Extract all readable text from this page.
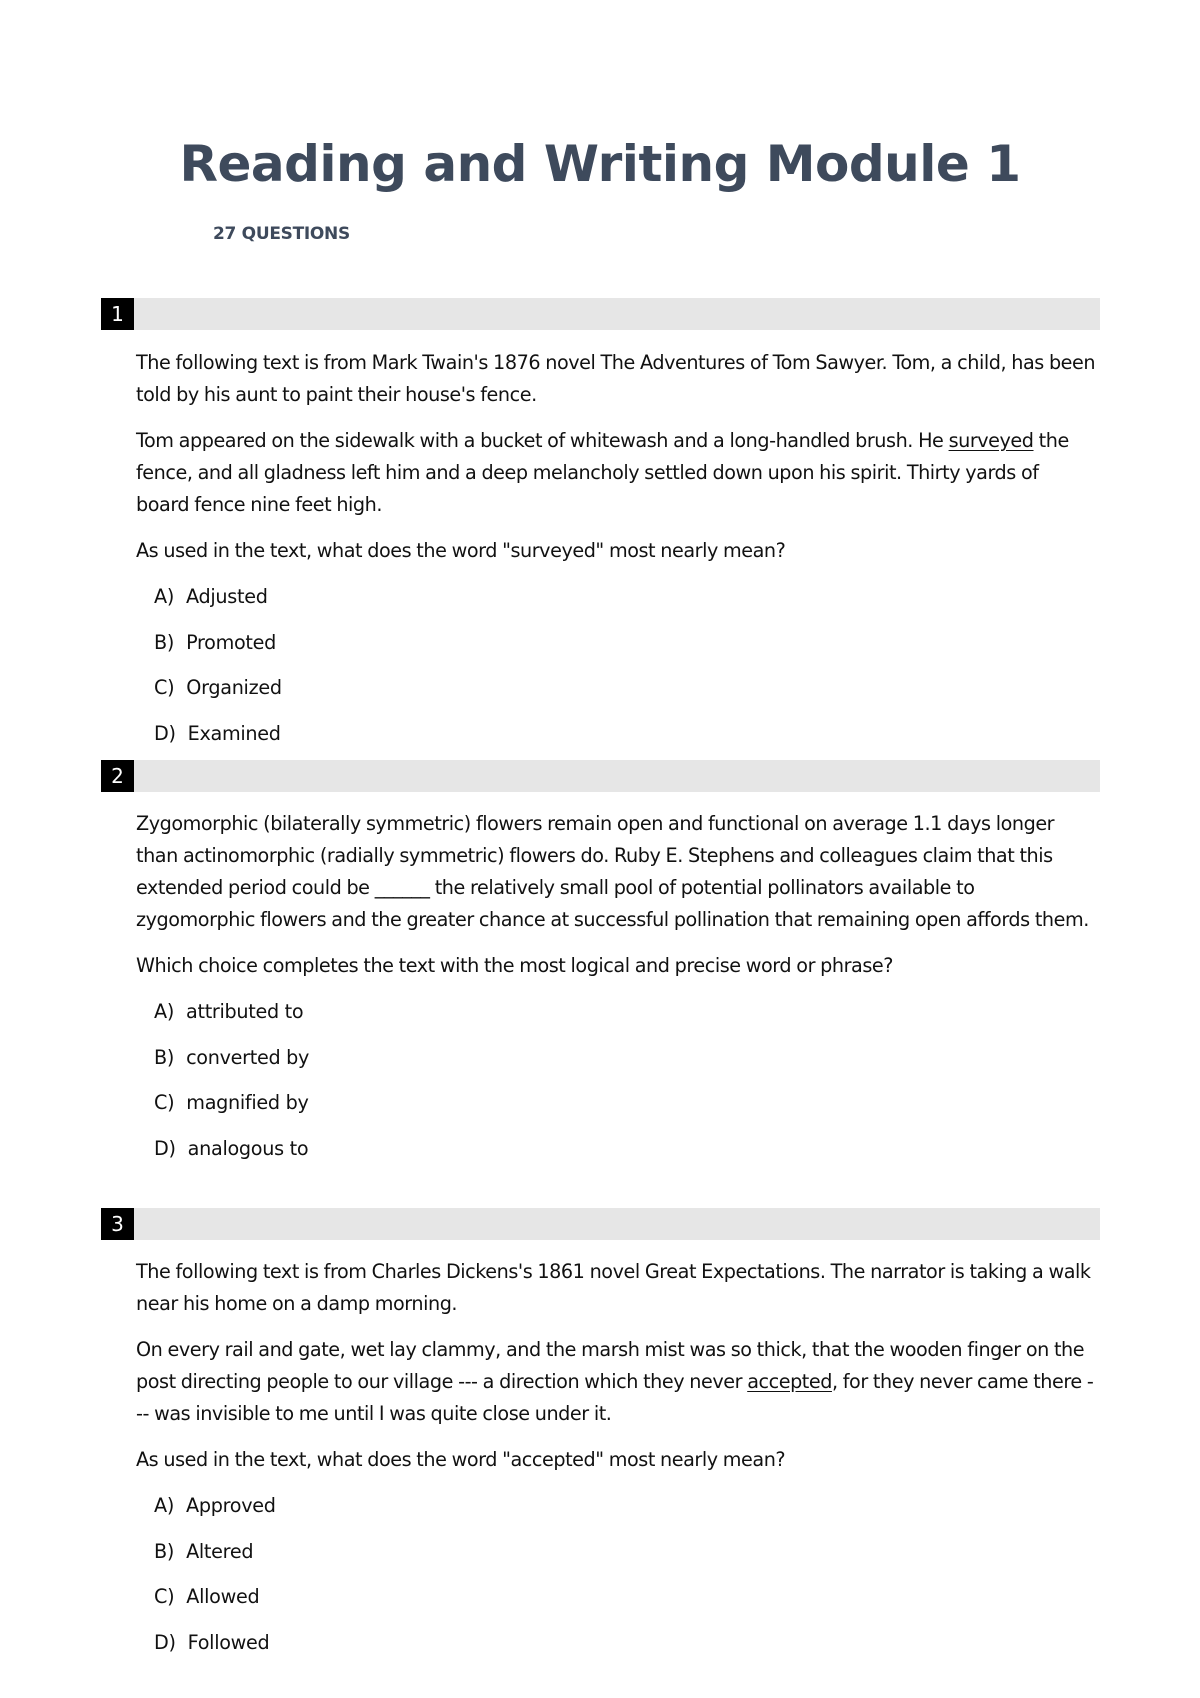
Reading and Writing Module 1
27 QUESTIONS
1

The following text is from Mark Twain's 1876 novel The Adventures of Tom Sawyer. Tom, a child, has been told by his aunt to paint their house's fence.

Tom appeared on the sidewalk with a bucket of whitewash and a long-handled brush. He surveyed the fence, and all gladness left him and a deep melancholy settled down upon his spirit. Thirty yards of board fence nine feet high.

As used in the text, what does the word "surveyed" most nearly mean?

A) Adjusted
B) Promoted
C) Organized
D) Examined
2

Zygomorphic (bilaterally symmetric) flowers remain open and functional on average 1.1 days longer than actinomorphic (radially symmetric) flowers do. Ruby E. Stephens and colleagues claim that this extended period could be ______ the relatively small pool of potential pollinators available to zygomorphic flowers and the greater chance at successful pollination that remaining open affords them.

Which choice completes the text with the most logical and precise word or phrase?

A) attributed to
B) converted by
C) magnified by
D) analogous to
3

The following text is from Charles Dickens's 1861 novel Great Expectations. The narrator is taking a walk near his home on a damp morning.

On every rail and gate, wet lay clammy, and the marsh mist was so thick, that the wooden finger on the post directing people to our village --- a direction which they never accepted, for they never came there --- was invisible to me until I was quite close under it.

As used in the text, what does the word "accepted" most nearly mean?

A) Approved
B) Altered
C) Allowed
D) Followed
